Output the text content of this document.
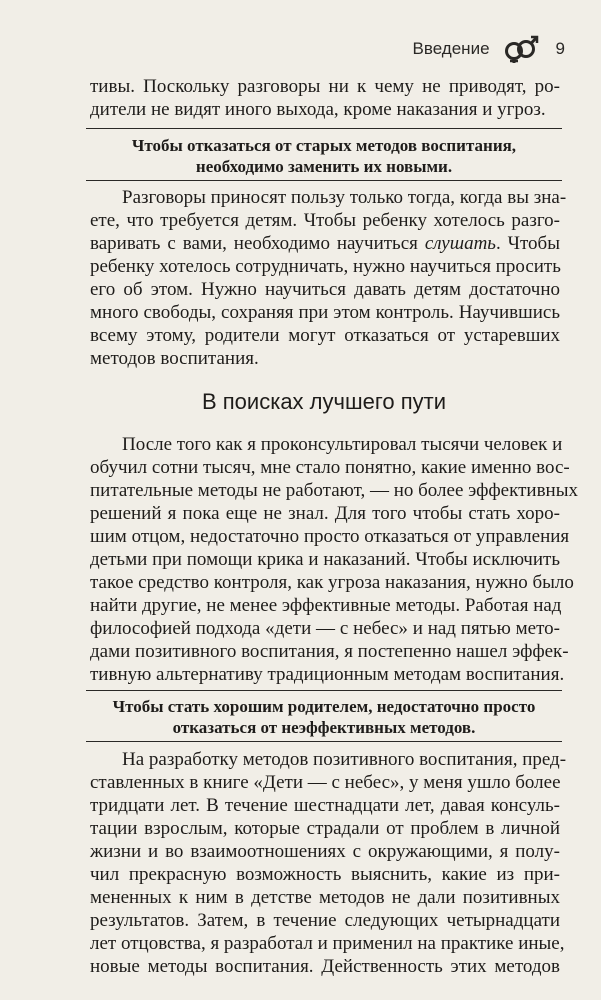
Введение	9
тивы. Поскольку разговоры ни к чему не приводят, ро-
дители не видят иного выхода, кроме наказания и угроз.
Чтобы отказаться от старых методов воспитания,
необходимо заменить их новыми.
Разговоры приносят пользу только тогда, когда вы зна-
ете, что требуется детям. Чтобы ребенку хотелось разго-
варивать с вами, необходимо научиться слушать. Чтобы
ребенку хотелось сотрудничать, нужно научиться просить
его об этом. Нужно научиться давать детям достаточно
много свободы, сохраняя при этом контроль. Научившись
всему этому, родители могут отказаться от устаревших
методов воспитания.
В поисках лучшего пути
После того как я проконсультировал тысячи человек и
обучил сотни тысяч, мне стало понятно, какие именно вос-
питательные методы не работают, — но более эффективных
решений я пока еще не знал. Для того чтобы стать хоро-
шим отцом, недостаточно просто отказаться от управления
детьми при помощи крика и наказаний. Чтобы исключить
такое средство контроля, как угроза наказания, нужно было
найти другие, не менее эффективные методы. Работая над
философией подхода «дети — с небес» и над пятью мето-
дами позитивного воспитания, я постепенно нашел эффек-
тивную альтернативу традиционным методам воспитания.
Чтобы стать хорошим родителем, недостаточно просто
отказаться от неэффективных методов.
На разработку методов позитивного воспитания, пред-
ставленных в книге «Дети — с небес», у меня ушло более
тридцати лет. В течение шестнадцати лет, давая консуль-
тации взрослым, которые страдали от проблем в личной
жизни и во взаимоотношениях с окружающими, я полу-
чил прекрасную возможность выяснить, какие из при-
мененных к ним в детстве методов не дали позитивных
результатов. Затем, в течение следующих четырнадцати
лет отцовства, я разработал и применил на практике иные,
новые методы воспитания. Действенность этих методов
